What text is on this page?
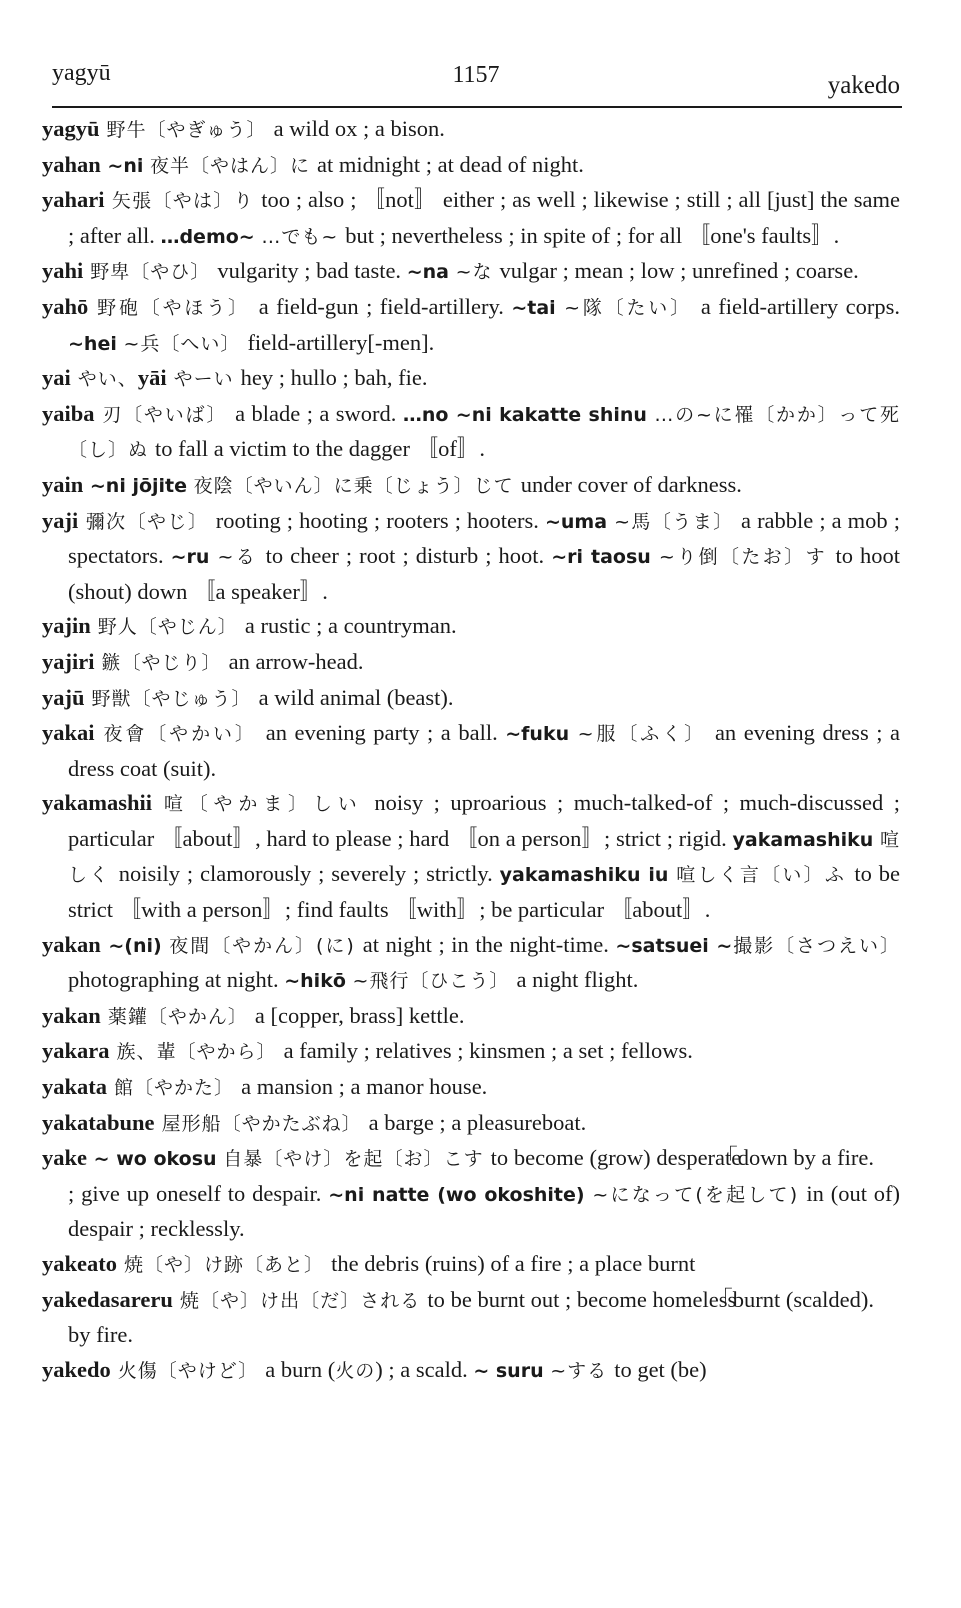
yagyū	1157	yakedo

yagyū 野牛〔やぎゅう〕 a wild ox ; a bison.

yahan ~ni 夜半〔やはん〕に at midnight ; at dead of night.

yahari 矢張〔やは〕り too ; also ; 〚not〛 either ; as well ; likewise ; still ; all [just] the same ; after all. …demo~ …でも~ but ; nevertheless ; in spite of ; for all 〚one's faults〛.

yahi 野卑〔やひ〕 vulgarity ; bad taste. ~na ~な vulgar ; mean ; low ; unrefined ; coarse.

yahō 野砲〔やほう〕 a field-gun ; field-artillery. ~tai ~隊〔たい〕 a field-artillery corps. ~hei ~兵〔へい〕 field-artillery[-men].

yai やい、yāi やーい hey ; hullo ; bah, fie.

yaiba 刃〔やいば〕 a blade ; a sword. …no ~ni kakatte shinu …の~に罹〔かか〕って死〔し〕ぬ to fall a victim to the dagger 〚of〛.

yain ~ni jōjite 夜陰〔やいん〕に乗〔じょう〕じて under cover of darkness.

yaji 彌次〔やじ〕 rooting ; hooting ; rooters ; hooters. ~uma ~馬〔うま〕 a rabble ; a mob ; spectators. ~ru ~る to cheer ; root ; disturb ; hoot. ~ri taosu ~り倒〔たお〕す to hoot (shout) down 〚a speaker〛.

yajin 野人〔やじん〕 a rustic ; a countryman.

yajiri 鏃〔やじり〕 an arrow-head.

yajū 野獣〔やじゅう〕 a wild animal (beast).

yakai 夜會〔やかい〕 an evening party ; a ball. ~fuku ~服〔ふく〕 an evening dress ; a dress coat (suit).

yakamashii 喧〔やかま〕しい noisy ; uproarious ; much-talked-of ; much-discussed ; particular 〚about〛, hard to please ; hard 〚on a person〛; strict ; rigid. yakamashiku 喧しく noisily ; clamorously ; severely ; strictly. yakamashiku iu 喧しく言〔い〕ふ to be strict 〚with a person〛; find faults 〚with〛; be particular 〚about〛.

yakan ~(ni) 夜間〔やかん〕(に) at night ; in the night-time. ~satsuei ~撮影〔さつえい〕 photographing at night. ~hikō ~飛行〔ひこう〕 a night flight.

yakan 薬鑵〔やかん〕 a [copper, brass] kettle.

yakara 族、輩〔やから〕 a family ; relatives ; kinsmen ; a set ; fellows.

yakata 館〔やかた〕 a mansion ; a manor house.

yakatabune 屋形船〔やかたぶね〕 a barge ; a pleasureboat.

「down by a fire.
yake ~ wo okosu 自暴〔やけ〕を起〔お〕こす to become (grow) desperate ; give up oneself to despair. ~ni natte (wo okoshite) ~になって(を起して) in (out of) despair ; recklessly.

yakeato 焼〔や〕け跡〔あと〕 the debris (ruins) of a fire ; a place burnt

「burnt (scalded).
yakedasareru 焼〔や〕け出〔だ〕される to be burnt out ; become homeless by fire.

yakedo 火傷〔やけど〕 a burn (火の) ; a scald. ~ suru ~する to get (be)
